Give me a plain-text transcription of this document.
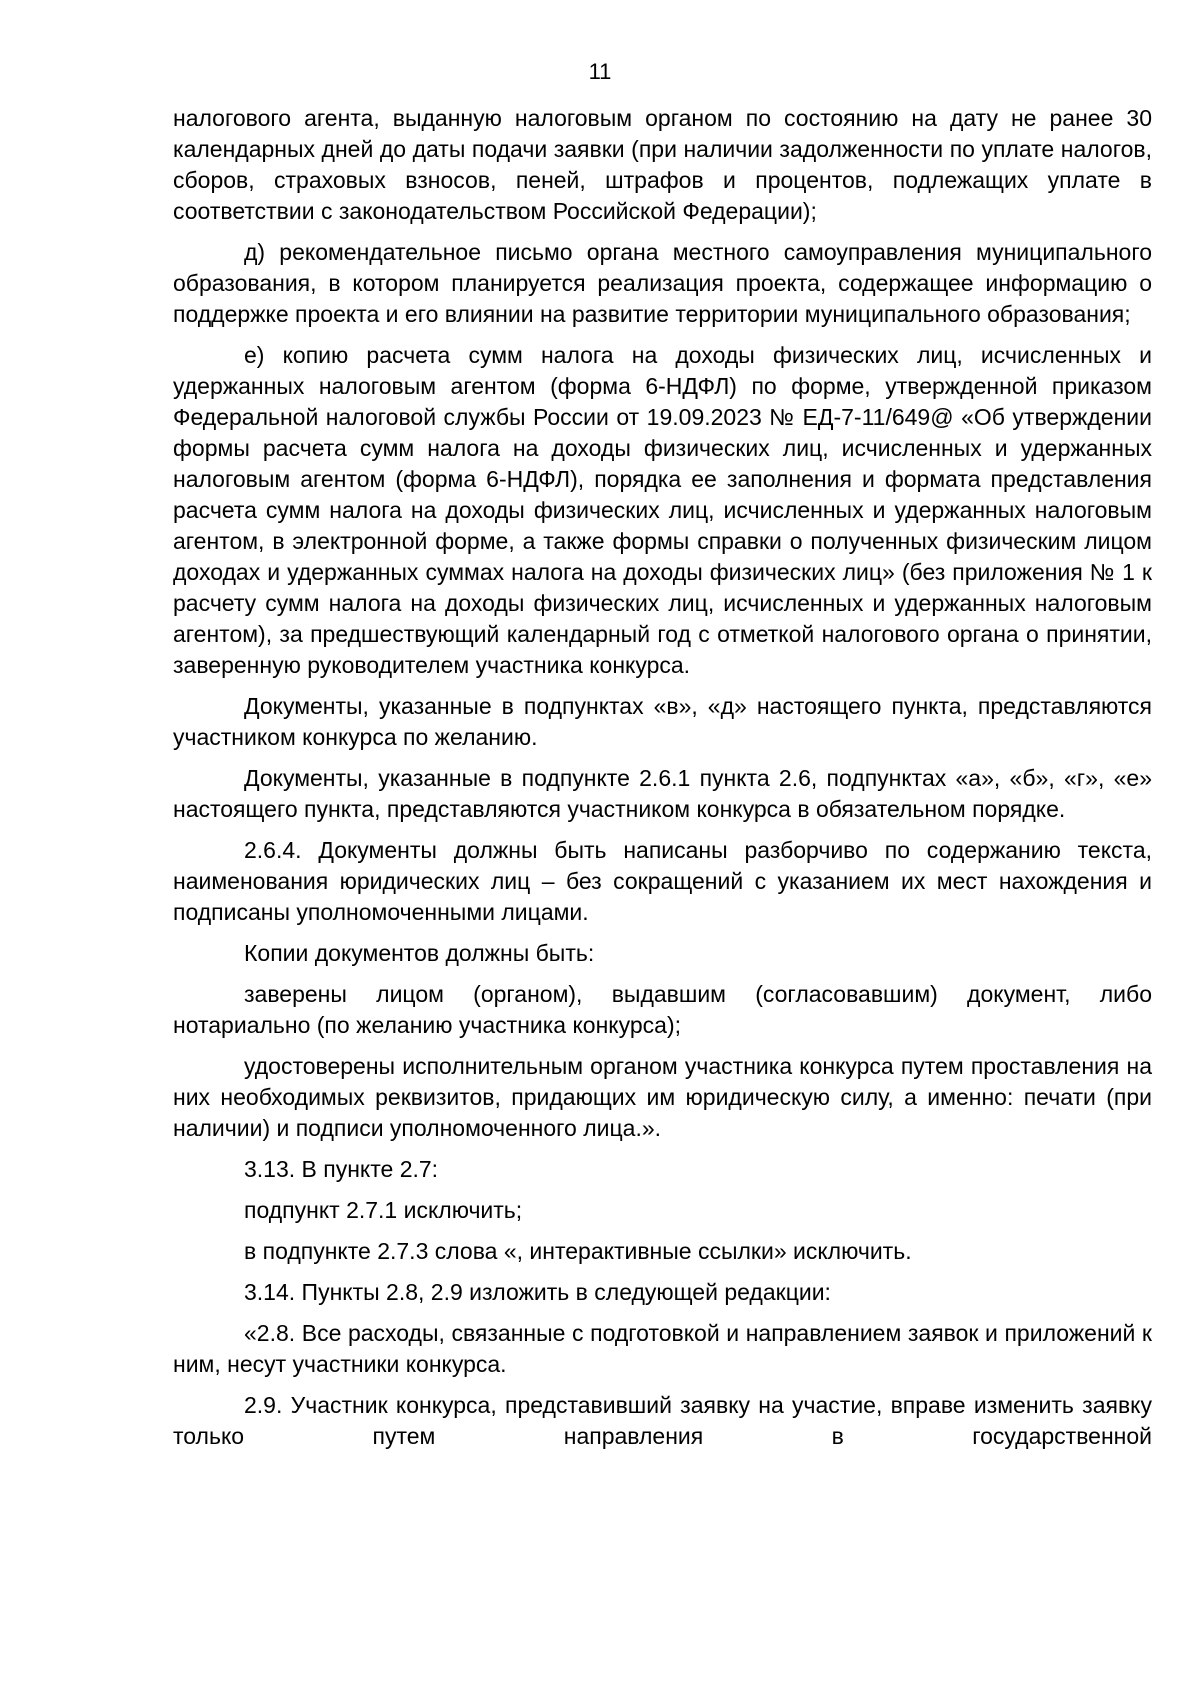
11

налогового агента, выданную налоговым органом по состоянию на дату не ранее 30 календарных дней до даты подачи заявки (при наличии задолженности по уплате налогов, сборов, страховых взносов, пеней, штрафов и процентов, подлежащих уплате в соответствии с законодательством Российской Федерации);

д) рекомендательное письмо органа местного самоуправления муниципального образования, в котором планируется реализация проекта, содержащее информацию о поддержке проекта и его влиянии на развитие территории муниципального образования;

е) копию расчета сумм налога на доходы физических лиц, исчисленных и удержанных налоговым агентом (форма 6-НДФЛ) по форме, утвержденной приказом Федеральной налоговой службы России от 19.09.2023 № ЕД-7-11/649@ «Об утверждении формы расчета сумм налога на доходы физических лиц, исчисленных и удержанных налоговым агентом (форма 6-НДФЛ), порядка ее заполнения и формата представления расчета сумм налога на доходы физических лиц, исчисленных и удержанных налоговым агентом, в электронной форме, а также формы справки о полученных физическим лицом доходах и удержанных суммах налога на доходы физических лиц» (без приложения № 1 к расчету сумм налога на доходы физических лиц, исчисленных и удержанных налоговым агентом), за предшествующий календарный год с отметкой налогового органа о принятии, заверенную руководителем участника конкурса.

Документы, указанные в подпунктах «в», «д» настоящего пункта, представляются участником конкурса по желанию.

Документы, указанные в подпункте 2.6.1 пункта 2.6, подпунктах «а», «б», «г», «е» настоящего пункта, представляются участником конкурса в обязательном порядке.

2.6.4. Документы должны быть написаны разборчиво по содержанию текста, наименования юридических лиц – без сокращений с указанием их мест нахождения и подписаны уполномоченными лицами.

Копии документов должны быть:

заверены лицом (органом), выдавшим (согласовавшим) документ, либо нотариально (по желанию участника конкурса);

удостоверены исполнительным органом участника конкурса путем проставления на них необходимых реквизитов, придающих им юридическую силу, а именно: печати (при наличии) и подписи уполномоченного лица.».

3.13. В пункте 2.7:

подпункт 2.7.1 исключить;

в подпункте 2.7.3 слова «, интерактивные ссылки» исключить.

3.14. Пункты 2.8, 2.9 изложить в следующей редакции:

«2.8. Все расходы, связанные с подготовкой и направлением заявок и приложений к ним, несут участники конкурса.

2.9. Участник конкурса, представивший заявку на участие, вправе изменить заявку только путем направления в государственной
